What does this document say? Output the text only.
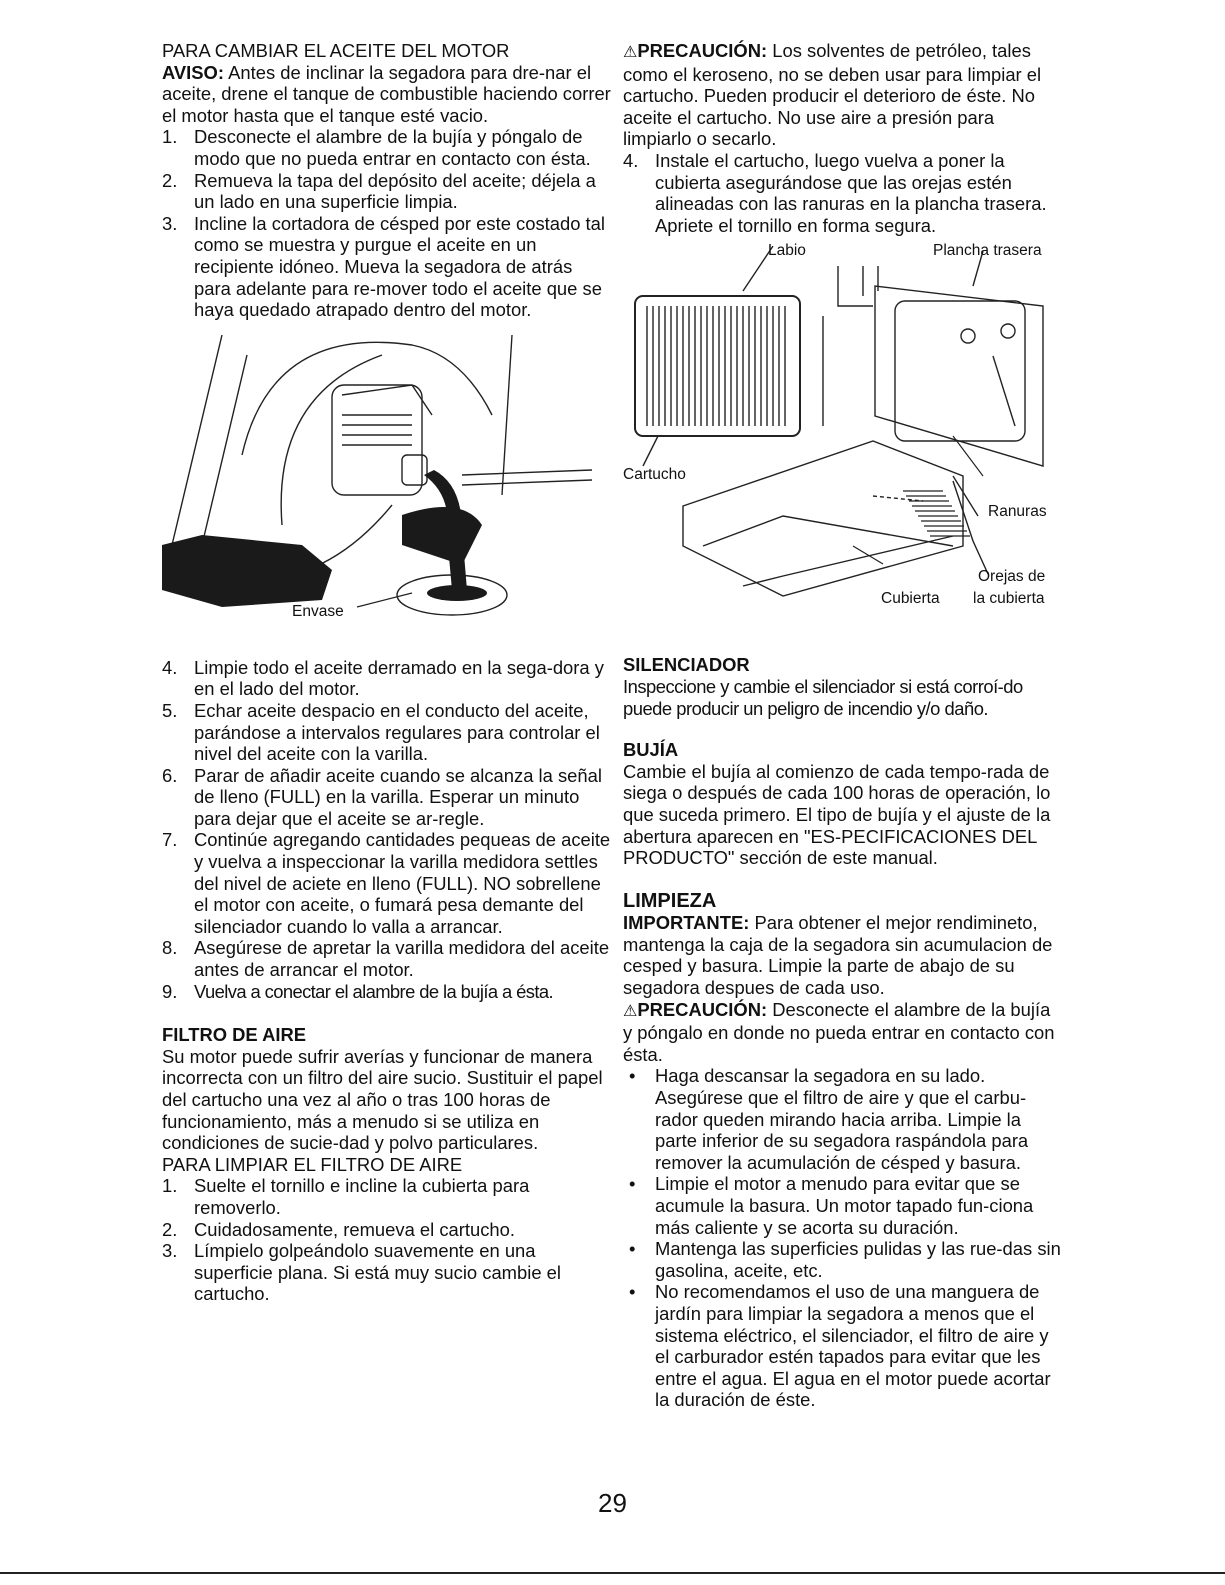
PARA CAMBIAR EL ACEITE DEL MOTOR

AVISO: Antes de inclinar la segadora para dre-nar el aceite, drene el tanque de combustible haciendo correr el motor hasta que el tanque esté vacio.

1. Desconecte el alambre de la bujía y póngalo de modo que no pueda entrar en contacto con ésta.
2. Remueva la tapa del depósito del aceite; déjela a un lado en una superficie limpia.
3. Incline la cortadora de césped por este costado tal como se muestra y purgue el aceite en un recipiente idóneo. Mueva la segadora de atrás para adelante para re-mover todo el aceite que se haya quedado atrapado dentro del motor.
Envase
4. Limpie todo el aceite derramado en la sega-dora y en el lado del motor.
5. Echar aceite despacio en el conducto del aceite, parándose a intervalos regulares para controlar el nivel del aceite con la varilla.
6. Parar de añadir aceite cuando se alcanza la señal de lleno (FULL) en la varilla. Esperar un minuto para dejar que el aceite se ar-regle.
7. Continúe agregando cantidades pequeas de aceite y vuelva a inspeccionar la varilla medidora settles del nivel de aciete en lleno (FULL). NO sobrellene el motor con aceite, o fumará pesa demante del silenciador cuando lo valla a arrancar.
8. Asegúrese de apretar la varilla medidora del aceite antes de arrancar el motor.
9. Vuelva a conectar el alambre de la bujía a ésta.

FILTRO DE AIRE

Su motor puede sufrir averías y funcionar de manera incorrecta con un filtro del aire sucio. Sustituir el papel del cartucho una vez al año o tras 100 horas de funcionamiento, más a menudo si se utiliza en condiciones de sucie-dad y polvo particulares.

PARA LIMPIAR EL FILTRO DE AIRE

1. Suelte el tornillo e incline la cubierta para removerlo.
2. Cuidadosamente, remueva el cartucho.
3. Límpielo golpeándolo suavemente en una superficie plana. Si está muy sucio cambie el cartucho.

⚠PRECAUCIÓN: Los solventes de petróleo, tales como el keroseno, no se deben usar para limpiar el cartucho. Pueden producir el deterioro de éste. No aceite el cartucho. No use aire a presión para limpiarlo o secarlo.

4. Instale el cartucho, luego vuelva a poner la cubierta asegurándose que las orejas estén alineadas con las ranuras en la plancha trasera. Apriete el tornillo en forma segura.
Labio	Plancha trasera
Cartucho
Ranuras
Orejas de
la cubierta
Cubierta

SILENCIADOR

Inspeccione y cambie el silenciador si está corroí-do puede producir un peligro de incendio y/o daño.

BUJÍA

Cambie el bujía al comienzo de cada tempo-rada de siega o después de cada 100 horas de operación, lo que suceda primero. El tipo de bujía y el ajuste de la abertura aparecen en "ES-PECIFICACIONES DEL PRODUCTO" sección de este manual.

LIMPIEZA

IMPORTANTE: Para obtener el mejor rendimineto, mantenga la caja de la segadora sin acumulacion de cesped y basura. Limpie la parte de abajo de su segadora despues de cada uso.

⚠PRECAUCIÓN: Desconecte el alambre de la bujía y póngalo en donde no pueda entrar en contacto con ésta.

• Haga descansar la segadora en su lado. Asegúrese que el filtro de aire y que el carbu-rador queden mirando hacia arriba. Limpie la parte inferior de su segadora raspándola para remover la acumulación de césped y basura.
• Limpie el motor a menudo para evitar que se acumule la basura. Un motor tapado fun-ciona más caliente y se acorta su duración.
• Mantenga las superficies pulidas y las rue-das sin gasolina, aceite, etc.
• No recomendamos el uso de una manguera de jardín para limpiar la segadora a menos que el sistema eléctrico, el silenciador, el filtro de aire y el carburador estén tapados para evitar que les entre el agua. El agua en el motor puede acortar la duración de éste.
29
